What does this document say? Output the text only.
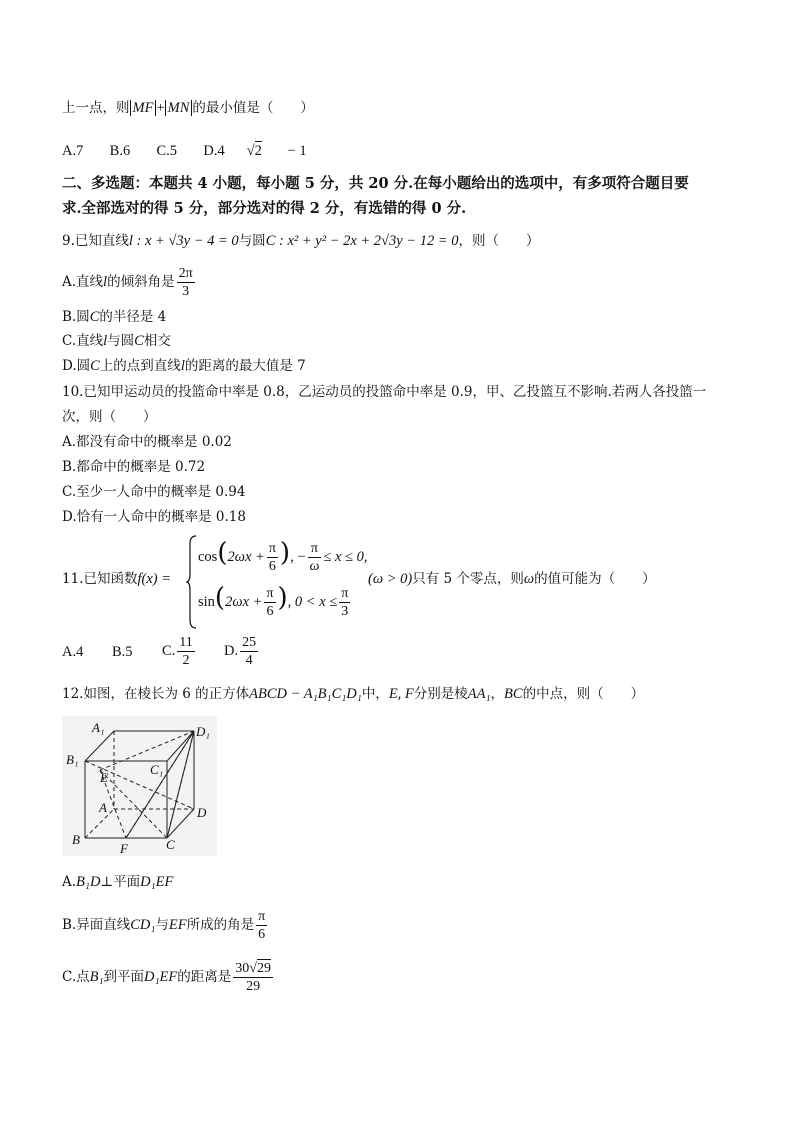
上一点，则 MF + MN 的最小值是（　　）
A.7 B.6 C.5 D.4 √2 − 1
二、多选题：本题共 4 小题，每小题 5 分，共 20 分.在每小题给出的选项中，有多项符合题目要
求.全部选对的得 5 分，部分选对的得 2 分，有选错的得 0 分.
9.已知直线l : x + √3y − 4 = 0与圆C : x² + y² − 2x + 2√3y − 12 = 0，则（　　）
A.直线l的倾斜角是 $\frac{2\pi}{3}$
B.圆C的半径是 4
C.直线l与圆C相交
D.圆C上的点到直线l的距离的最大值是 7
10.已知甲运动员的投篮命中率是 0.8，乙运动员的投篮命中率是 0.9，甲、乙投篮互不影响.若两人各投篮一
次，则（　　）
A.都没有命中的概率是 0.02
B.都命中的概率是 0.72
C.至少一人命中的概率是 0.94
D.恰有一人命中的概率是 0.18
11.已知函数f(x) =
$\cos(2\omega x + \frac{\pi}{6}$ ), − $\frac{\pi}{\omega} \le x \le 0$,
$\sin(2\omega x + \frac{\pi}{6}$ ), $0 < x \le \frac{\pi}{3}$
(ω > 0)只有 5 个零点，则ω的值可能为（　　）
A.4 B.5 C. $\frac{11}{2} D$. $\frac{25}{4}$
12.如图，在棱长为 6 的正方体ABCD − A₁B₁C₁D₁中，E, F分别是棱AA₁，BC的中点，则（　　）
A₁	D₁
B₁
C₁
E
A	D
B
F	C
A.B₁D⊥平面D₁EF
B.异面直线CD₁与EF所成的角是 $\frac{\pi}{6}$
C.点B₁到平面D₁EF的距离是 $\frac{30√29}{29}$
